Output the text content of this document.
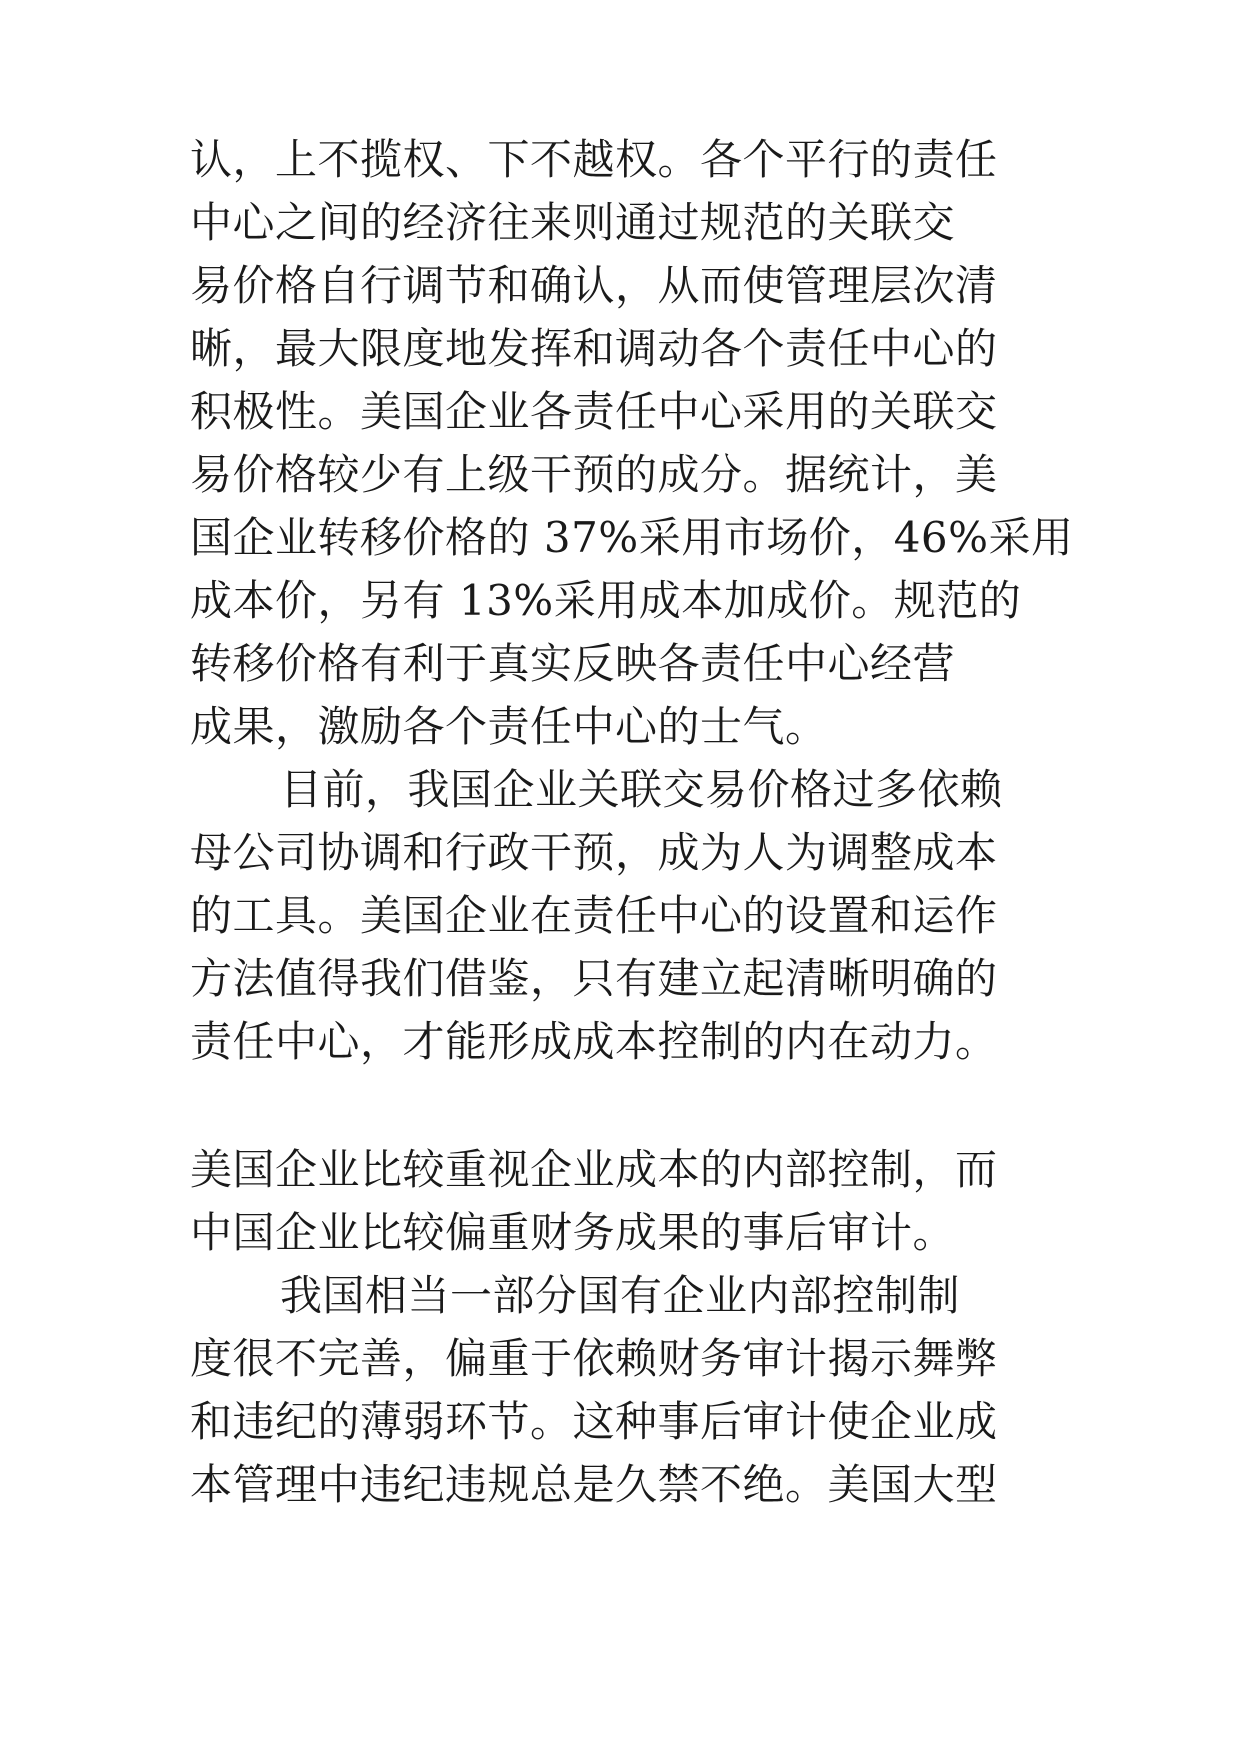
认，上不揽权、下不越权。各个平行的责任
中心之间的经济往来则通过规范的关联交
易价格自行调节和确认，从而使管理层次清
晰，最大限度地发挥和调动各个责任中心的
积极性。美国企业各责任中心采用的关联交
易价格较少有上级干预的成分。据统计，美
国企业转移价格的 37%采用市场价，46%采用
成本价，另有 13%采用成本加成价。规范的
转移价格有利于真实反映各责任中心经营
成果，激励各个责任中心的士气。
目前，我国企业关联交易价格过多依赖
母公司协调和行政干预，成为人为调整成本
的工具。美国企业在责任中心的设置和运作
方法值得我们借鉴，只有建立起清晰明确的
责任中心，才能形成成本控制的内在动力。
美国企业比较重视企业成本的内部控制，而
中国企业比较偏重财务成果的事后审计。
我国相当一部分国有企业内部控制制
度很不完善，偏重于依赖财务审计揭示舞弊
和违纪的薄弱环节。这种事后审计使企业成
本管理中违纪违规总是久禁不绝。美国大型
